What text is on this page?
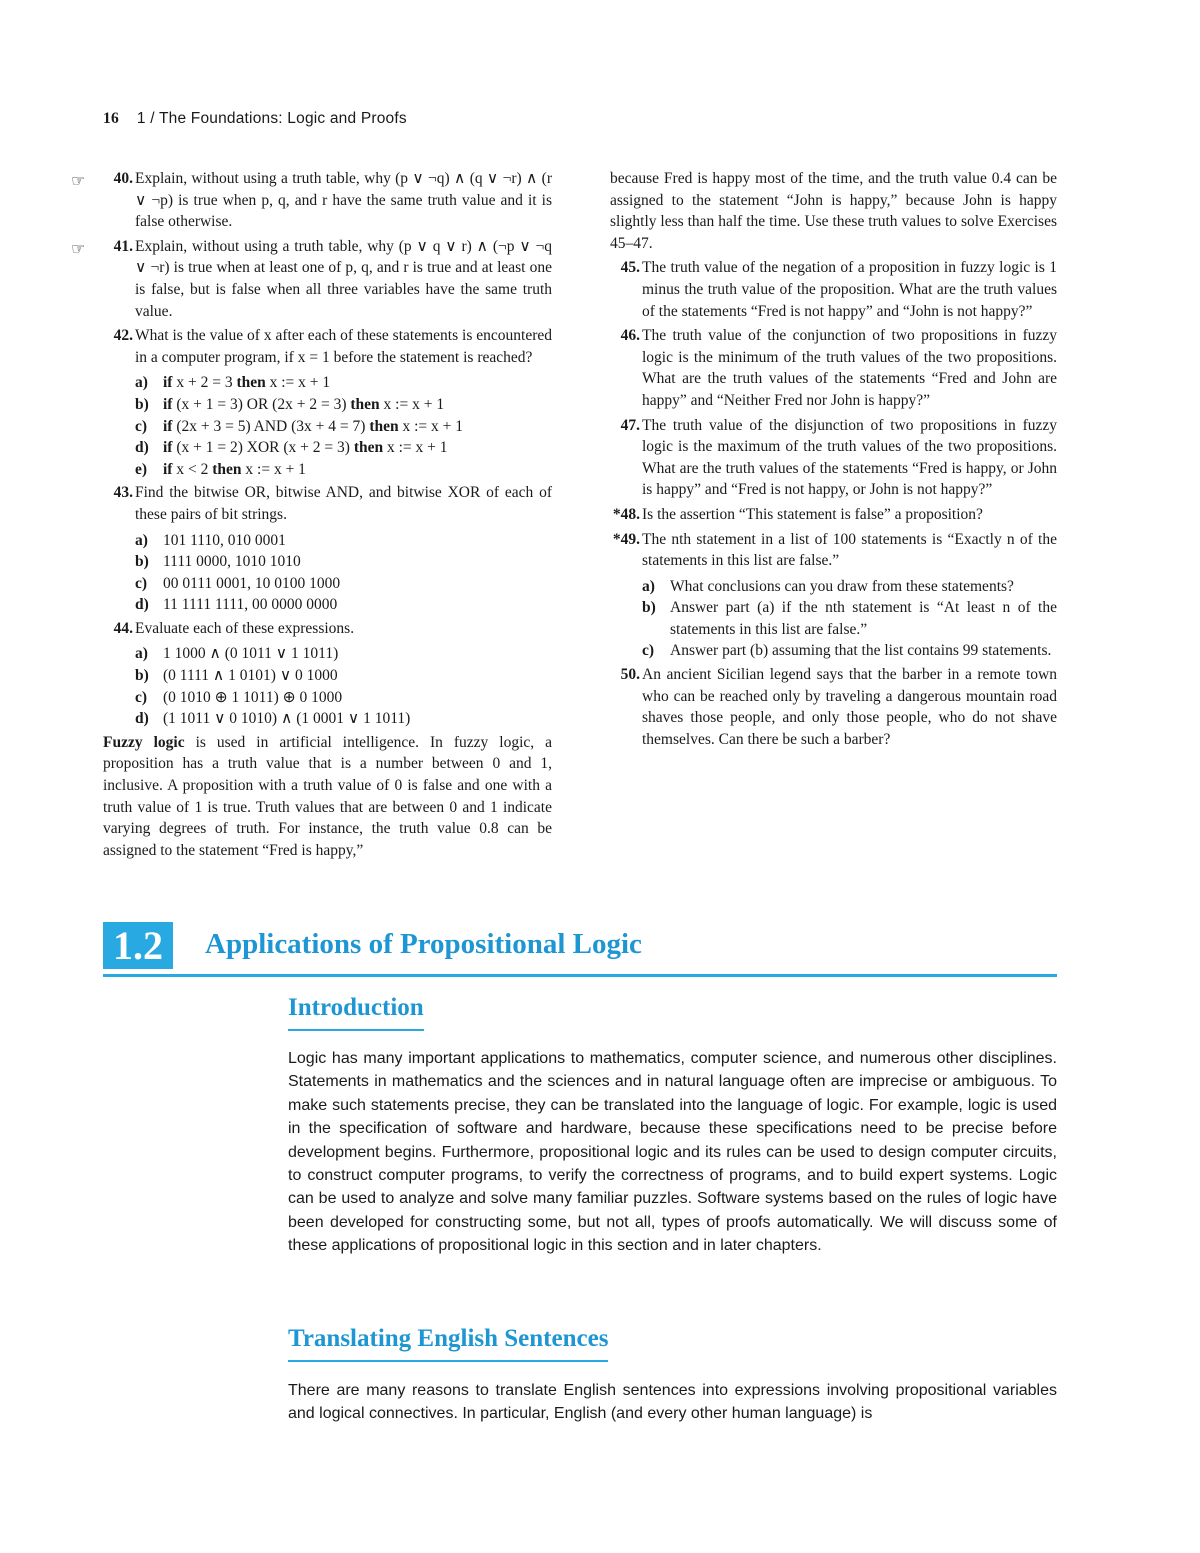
16 1 / The Foundations: Logic and Proofs
☞	40. Explain, without using a truth table, why (p ∨ ¬q) ∧ (q ∨ ¬r) ∧ (r ∨ ¬p) is true when p, q, and r have the same truth value and it is false otherwise.
☞	41. Explain, without using a truth table, why (p ∨ q ∨ r) ∧ (¬p ∨ ¬q ∨ ¬r) is true when at least one of p, q, and r is true and at least one is false, but is false when all three variables have the same truth value.
42. What is the value of x after each of these statements is encountered in a computer program, if x = 1 before the statement is reached?
a) if x + 2 = 3 then x := x + 1
b) if (x + 1 = 3) OR (2x + 2 = 3) then x := x + 1
c) if (2x + 3 = 5) AND (3x + 4 = 7) then x := x + 1
d) if (x + 1 = 2) XOR (x + 2 = 3) then x := x + 1
e) if x < 2 then x := x + 1
43. Find the bitwise OR, bitwise AND, and bitwise XOR of each of these pairs of bit strings.
a) 101 1110, 010 0001
b) 1111 0000, 1010 1010
c) 00 0111 0001, 10 0100 1000
d) 11 1111 1111, 00 0000 0000
44. Evaluate each of these expressions.
a) 1 1000 ∧ (0 1011 ∨ 1 1011)
b) (0 1111 ∧ 1 0101) ∨ 0 1000
c) (0 1010 ⊕ 1 1011) ⊕ 0 1000
d) (1 1011 ∨ 0 1010) ∧ (1 0001 ∨ 1 1011)
Fuzzy logic is used in artificial intelligence. In fuzzy logic, a proposition has a truth value that is a number between 0 and 1, inclusive. A proposition with a truth value of 0 is false and one with a truth value of 1 is true. Truth values that are between 0 and 1 indicate varying degrees of truth. For instance, the truth value 0.8 can be assigned to the statement “Fred is happy,”
because Fred is happy most of the time, and the truth value 0.4 can be assigned to the statement “John is happy,” because John is happy slightly less than half the time. Use these truth values to solve Exercises 45–47.
45. The truth value of the negation of a proposition in fuzzy logic is 1 minus the truth value of the proposition. What are the truth values of the statements “Fred is not happy” and “John is not happy?”
46. The truth value of the conjunction of two propositions in fuzzy logic is the minimum of the truth values of the two propositions. What are the truth values of the statements “Fred and John are happy” and “Neither Fred nor John is happy?”
47. The truth value of the disjunction of two propositions in fuzzy logic is the maximum of the truth values of the two propositions. What are the truth values of the statements “Fred is happy, or John is happy” and “Fred is not happy, or John is not happy?”
*48. Is the assertion “This statement is false” a proposition?
*49. The nth statement in a list of 100 statements is “Exactly n of the statements in this list are false.”
a) What conclusions can you draw from these statements?
b) Answer part (a) if the nth statement is “At least n of the statements in this list are false.”
c) Answer part (b) assuming that the list contains 99 statements.
50. An ancient Sicilian legend says that the barber in a remote town who can be reached only by traveling a dangerous mountain road shaves those people, and only those people, who do not shave themselves. Can there be such a barber?
1.2	Applications of Propositional Logic
Introduction
Logic has many important applications to mathematics, computer science, and numerous other disciplines. Statements in mathematics and the sciences and in natural language often are imprecise or ambiguous. To make such statements precise, they can be translated into the language of logic. For example, logic is used in the specification of software and hardware, because these specifications need to be precise before development begins. Furthermore, propositional logic and its rules can be used to design computer circuits, to construct computer programs, to verify the correctness of programs, and to build expert systems. Logic can be used to analyze and solve many familiar puzzles. Software systems based on the rules of logic have been developed for constructing some, but not all, types of proofs automatically. We will discuss some of these applications of propositional logic in this section and in later chapters.
Translating English Sentences
There are many reasons to translate English sentences into expressions involving propositional variables and logical connectives. In particular, English (and every other human language) is
